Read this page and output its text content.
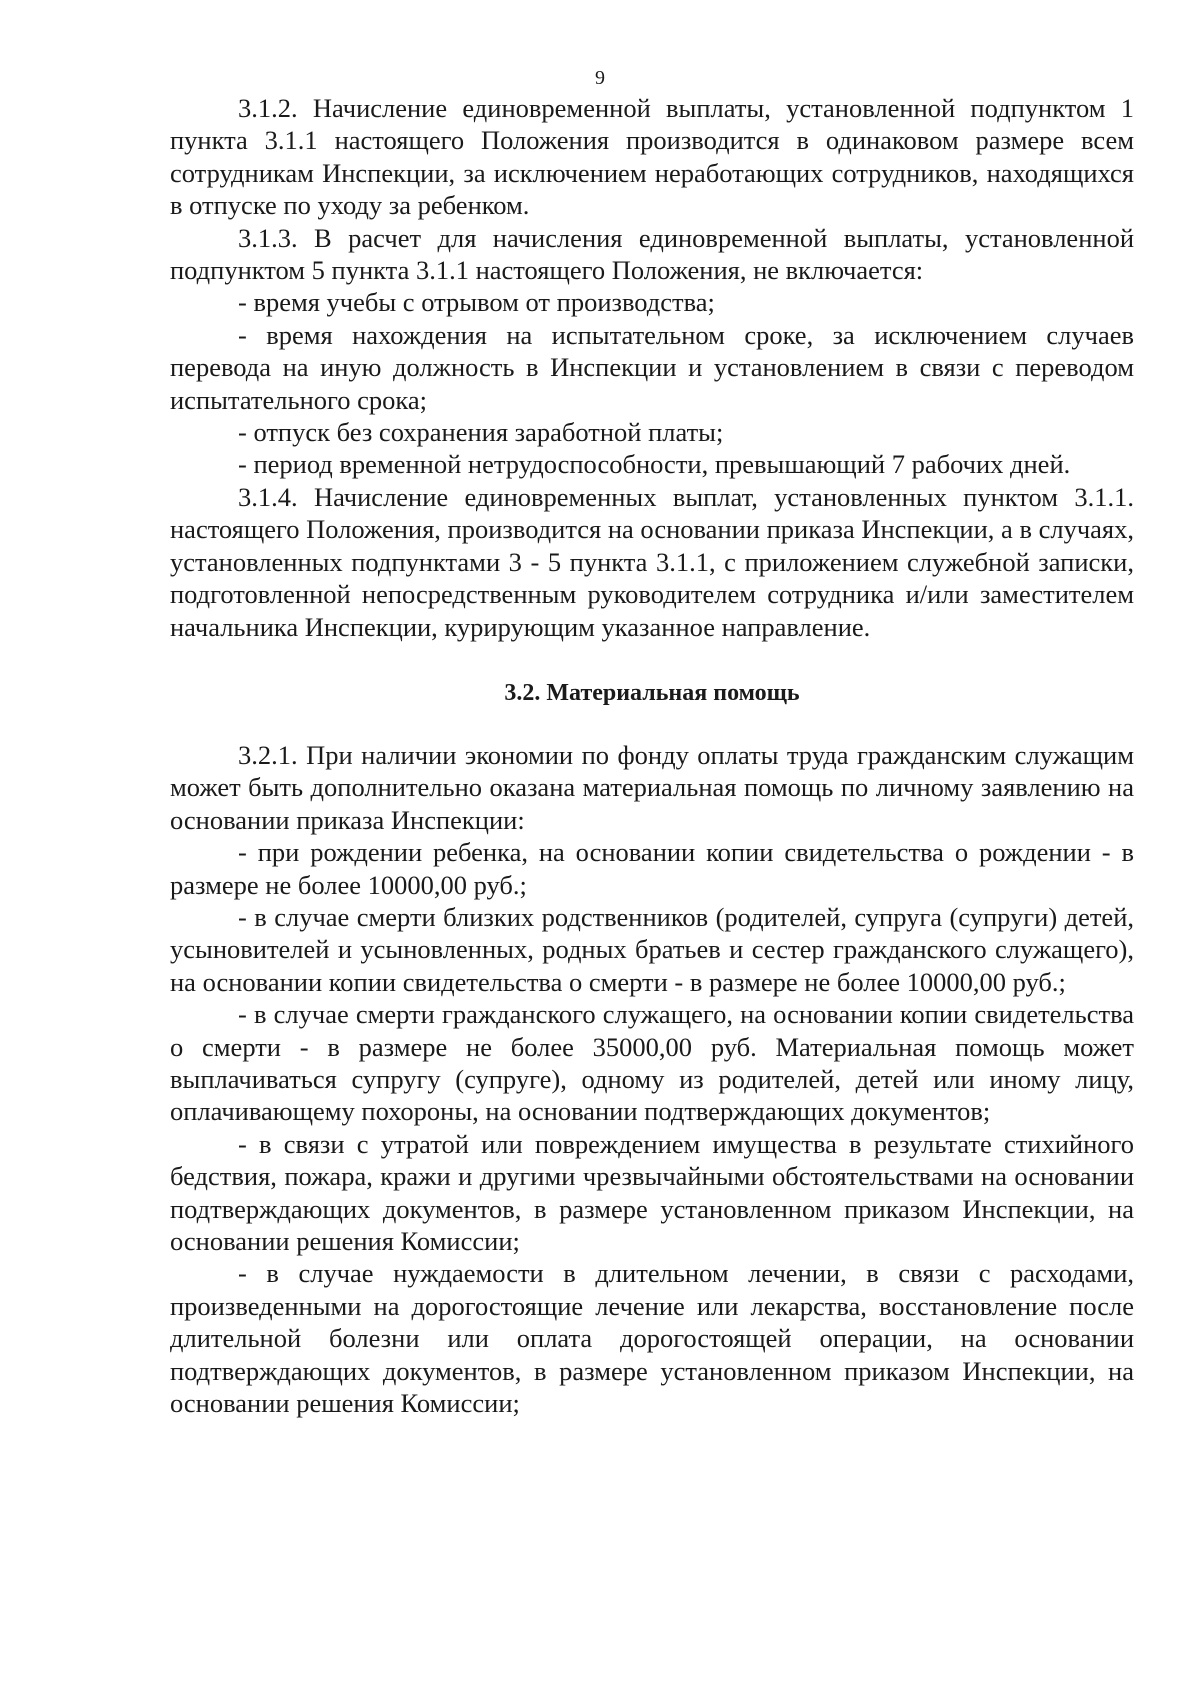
9

3.1.2. Начисление единовременной выплаты, установленной подпунктом 1 пункта 3.1.1 настоящего Положения производится в одинаковом размере всем сотрудникам Инспекции, за исключением неработающих сотрудников, находящихся в отпуске по уходу за ребенком.

3.1.3. В расчет для начисления единовременной выплаты, установленной подпунктом 5 пункта 3.1.1 настоящего Положения, не включается:

- время учебы с отрывом от производства;

- время нахождения на испытательном сроке, за исключением случаев перевода на иную должность в Инспекции и установлением в связи с переводом испытательного срока;

- отпуск без сохранения заработной платы;

- период временной нетрудоспособности, превышающий 7 рабочих дней.

3.1.4. Начисление единовременных выплат, установленных пунктом 3.1.1. настоящего Положения, производится на основании приказа Инспекции, а в случаях, установленных подпунктами 3 - 5 пункта 3.1.1, с приложением служебной записки, подготовленной непосредственным руководителем сотрудника и/или заместителем начальника Инспекции, курирующим указанное направление.

3.2. Материальная помощь

3.2.1. При наличии экономии по фонду оплаты труда гражданским служащим может быть дополнительно оказана материальная помощь по личному заявлению на основании приказа Инспекции:

- при рождении ребенка, на основании копии свидетельства о рождении - в размере не более 10000,00 руб.;

- в случае смерти близких родственников (родителей, супруга (супруги) детей, усыновителей и усыновленных, родных братьев и сестер гражданского служащего), на основании копии свидетельства о смерти - в размере не более 10000,00 руб.;

- в случае смерти гражданского служащего, на основании копии свидетельства о смерти - в размере не более 35000,00 руб. Материальная помощь может выплачиваться супругу (супруге), одному из родителей, детей или иному лицу, оплачивающему похороны, на основании подтверждающих документов;

- в связи с утратой или повреждением имущества в результате стихийного бедствия, пожара, кражи и другими чрезвычайными обстоятельствами на основании подтверждающих документов, в размере установленном приказом Инспекции, на основании решения Комиссии;

- в случае нуждаемости в длительном лечении, в связи с расходами, произведенными на дорогостоящие лечение или лекарства, восстановление после длительной болезни или оплата дорогостоящей операции, на основании подтверждающих документов, в размере установленном приказом Инспекции, на основании решения Комиссии;
